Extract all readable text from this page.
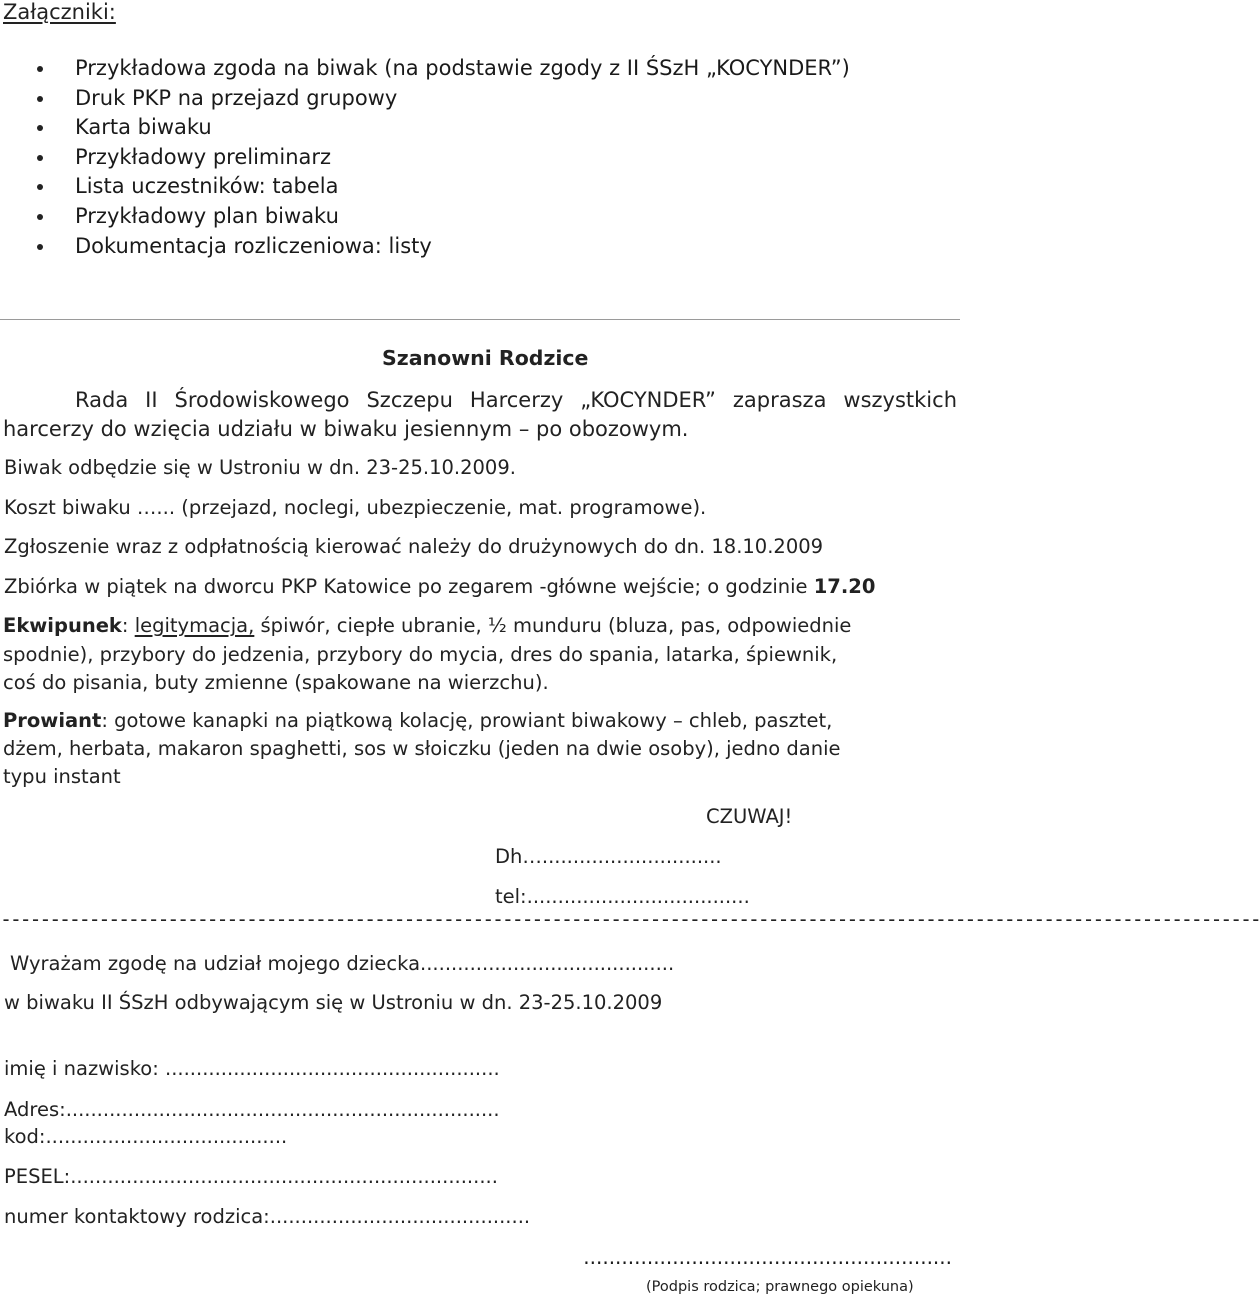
Załączniki:
Przykładowa zgoda na biwak (na podstawie zgody z II ŚSzH „KOCYNDER”)
Druk PKP na przejazd grupowy
Karta biwaku
Przykładowy preliminarz
Lista uczestników: tabela
Przykładowy plan biwaku
Dokumentacja rozliczeniowa: listy
Szanowni Rodzice
Rada II Środowiskowego Szczepu Harcerzy „KOCYNDER” zaprasza wszystkich
harcerzy do wzięcia udziału w biwaku jesiennym – po obozowym.
Biwak odbędzie się w Ustroniu w dn. 23-25.10.2009.
Koszt biwaku …... (przejazd, noclegi, ubezpieczenie, mat. programowe).
Zgłoszenie wraz z odpłatnością kierować należy do drużynowych do dn. 18.10.2009
Zbiórka w piątek na dworcu PKP Katowice po zegarem -główne wejście; o godzinie 17.20
Ekwipunek: legitymacja, śpiwór, ciepłe ubranie, ½ munduru (bluza, pas, odpowiednie
spodnie), przybory do jedzenia, przybory do mycia, dres do spania, latarka, śpiewnik,
coś do pisania, buty zmienne (spakowane na wierzchu).
Prowiant: gotowe kanapki na piątkową kolację, prowiant biwakowy – chleb, pasztet,
dżem, herbata, makaron spaghetti, sos w słoiczku (jeden na dwie osoby), jedno danie
typu instant
CZUWAJ!
Dh….............................
tel:....................................
--------------------------------------------------------------------------------------------------------------------------------
Wyrażam zgodę na udział mojego dziecka.........................................
w biwaku II ŚSzH odbywającym się w Ustroniu w dn. 23-25.10.2009
imię i nazwisko: ......................................................
Adres:......................................................................
kod:.......................................
PESEL:.....................................................................
numer kontaktowy rodzica:..........................................
..........................................................
(Podpis rodzica; prawnego opiekuna)
